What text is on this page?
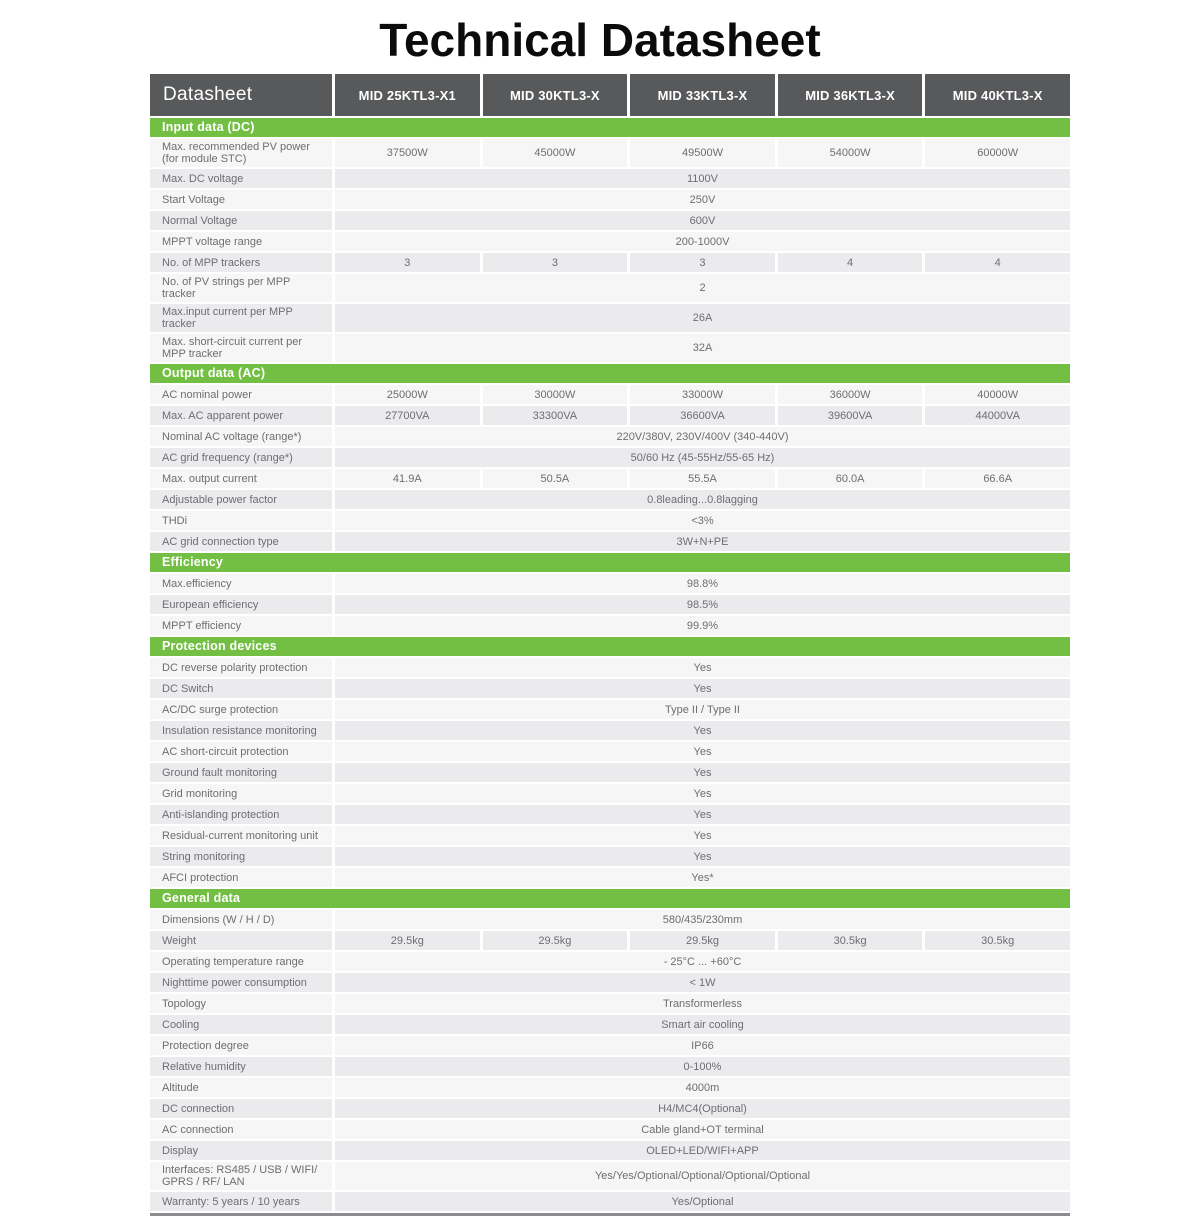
Technical Datasheet
Datasheet	MID 25KTL3-X1	MID 30KTL3-X	MID 33KTL3-X	MID 36KTL3-X	MID 40KTL3-X
Input data (DC)
Max. recommended PV power (for module STC)	37500W	45000W	49500W	54000W	60000W
Max. DC voltage	1100V
Start Voltage	250V
Normal Voltage	600V
MPPT voltage range	200-1000V
No. of MPP trackers	3	3	3	4	4
No. of PV strings per MPP tracker	2
Max.input current per MPP tracker	26A
Max. short-circuit current per MPP tracker	32A
Output data (AC)
AC nominal power	25000W	30000W	33000W	36000W	40000W
Max. AC apparent power	27700VA	33300VA	36600VA	39600VA	44000VA
Nominal AC voltage (range*)	220V/380V, 230V/400V (340-440V)
AC grid frequency (range*)	50/60 Hz (45-55Hz/55-65 Hz)
Max. output current	41.9A	50.5A	55.5A	60.0A	66.6A
Adjustable power factor	0.8leading...0.8lagging
THDi	<3%
AC grid connection type	3W+N+PE
Efficiency
Max.efficiency	98.8%
European efficiency	98.5%
MPPT efficiency	99.9%
Protection devices
DC reverse polarity protection	Yes
DC Switch	Yes
AC/DC surge protection	Type II / Type II
Insulation resistance monitoring	Yes
AC short-circuit protection	Yes
Ground fault monitoring	Yes
Grid monitoring	Yes
Anti-islanding protection	Yes
Residual-current monitoring unit	Yes
String monitoring	Yes
AFCI protection	Yes*
General data
Dimensions (W / H / D)	580/435/230mm
Weight	29.5kg	29.5kg	29.5kg	30.5kg	30.5kg
Operating temperature range	- 25°C ... +60°C
Nighttime power consumption	< 1W
Topology	Transformerless
Cooling	Smart air cooling
Protection degree	IP66
Relative humidity	0-100%
Altitude	4000m
DC connection	H4/MC4(Optional)
AC connection	Cable gland+OT terminal
Display	OLED+LED/WIFI+APP
Interfaces: RS485 / USB / WIFI/ GPRS / RF/ LAN	Yes/Yes/Optional/Optional/Optional/Optional
Warranty: 5 years / 10 years	Yes/Optional
